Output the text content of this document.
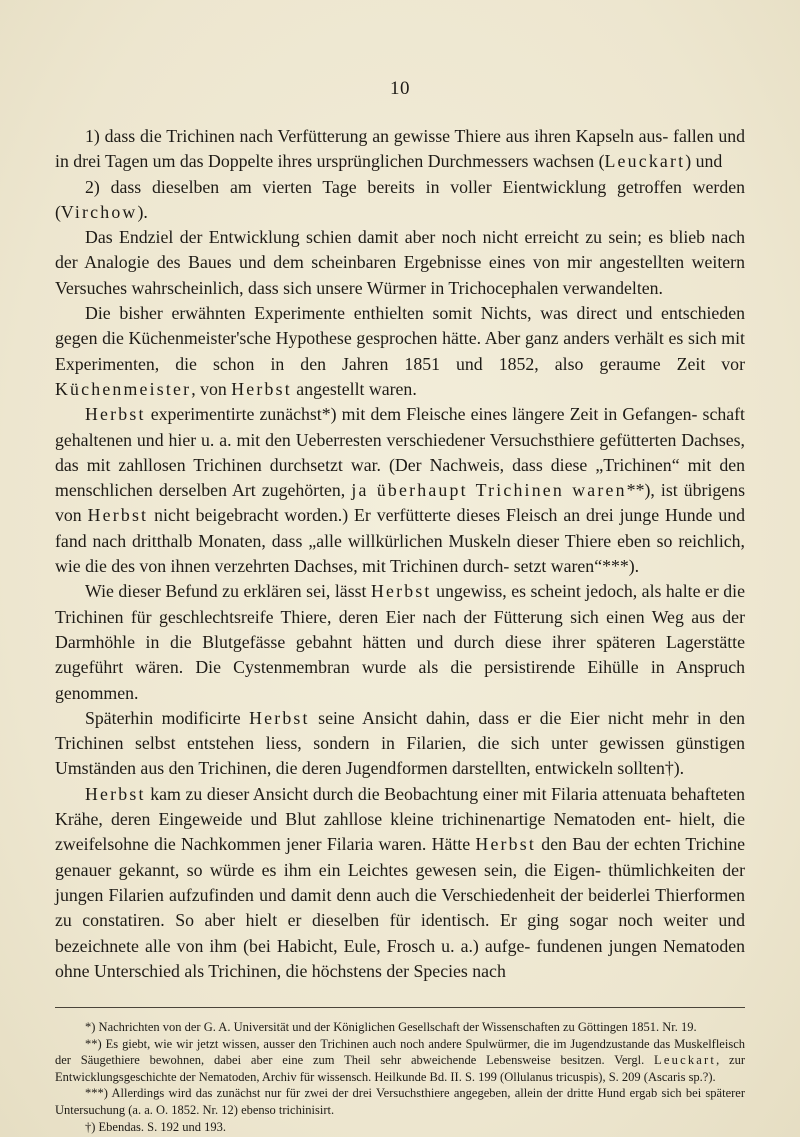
10

1) dass die Trichinen nach Verfütterung an gewisse Thiere aus ihren Kapseln aus- fallen und in drei Tagen um das Doppelte ihres ursprünglichen Durchmessers wachsen (Leuckart) und

2) dass dieselben am vierten Tage bereits in voller Eientwicklung getroffen werden (Virchow).

Das Endziel der Entwicklung schien damit aber noch nicht erreicht zu sein; es blieb nach der Analogie des Baues und dem scheinbaren Ergebnisse eines von mir angestellten weitern Versuches wahrscheinlich, dass sich unsere Würmer in Trichocephalen verwandelten.

Die bisher erwähnten Experimente enthielten somit Nichts, was direct und entschieden gegen die Küchenmeister'sche Hypothese gesprochen hätte. Aber ganz anders verhält es sich mit Experimenten, die schon in den Jahren 1851 und 1852, also geraume Zeit vor Küchenmeister, von Herbst angestellt waren.

Herbst experimentirte zunächst*) mit dem Fleische eines längere Zeit in Gefangen- schaft gehaltenen und hier u. a. mit den Ueberresten verschiedener Versuchsthiere gefütterten Dachses, das mit zahllosen Trichinen durchsetzt war. (Der Nachweis, dass diese „Trichinen“ mit den menschlichen derselben Art zugehörten, ja überhaupt Trichinen waren**), ist übrigens von Herbst nicht beigebracht worden.) Er verfütterte dieses Fleisch an drei junge Hunde und fand nach dritthalb Monaten, dass „alle willkürlichen Muskeln dieser Thiere eben so reichlich, wie die des von ihnen verzehrten Dachses, mit Trichinen durch- setzt waren“***).

Wie dieser Befund zu erklären sei, lässt Herbst ungewiss, es scheint jedoch, als halte er die Trichinen für geschlechtsreife Thiere, deren Eier nach der Fütterung sich einen Weg aus der Darmhöhle in die Blutgefässe gebahnt hätten und durch diese ihrer späteren Lagerstätte zugeführt wären. Die Cystenmembran wurde als die persistirende Eihülle in Anspruch genommen.

Späterhin modificirte Herbst seine Ansicht dahin, dass er die Eier nicht mehr in den Trichinen selbst entstehen liess, sondern in Filarien, die sich unter gewissen günstigen Umständen aus den Trichinen, die deren Jugendformen darstellten, entwickeln sollten†).

Herbst kam zu dieser Ansicht durch die Beobachtung einer mit Filaria attenuata behafteten Krähe, deren Eingeweide und Blut zahllose kleine trichinenartige Nematoden ent- hielt, die zweifelsohne die Nachkommen jener Filaria waren. Hätte Herbst den Bau der echten Trichine genauer gekannt, so würde es ihm ein Leichtes gewesen sein, die Eigen- thümlichkeiten der jungen Filarien aufzufinden und damit denn auch die Verschiedenheit der beiderlei Thierformen zu constatiren. So aber hielt er dieselben für identisch. Er ging sogar noch weiter und bezeichnete alle von ihm (bei Habicht, Eule, Frosch u. a.) aufge- fundenen jungen Nematoden ohne Unterschied als Trichinen, die höchstens der Species nach

*) Nachrichten von der G. A. Universität und der Königlichen Gesellschaft der Wissenschaften zu Göttingen 1851. Nr. 19.

**) Es giebt, wie wir jetzt wissen, ausser den Trichinen auch noch andere Spulwürmer, die im Jugendzustande das Muskelfleisch der Säugethiere bewohnen, dabei aber eine zum Theil sehr abweichende Lebensweise besitzen. Vergl. Leuckart, zur Entwicklungsgeschichte der Nematoden, Archiv für wissensch. Heilkunde Bd. II. S. 199 (Ollulanus tricuspis), S. 209 (Ascaris sp.?).

***) Allerdings wird das zunächst nur für zwei der drei Versuchsthiere angegeben, allein der dritte Hund ergab sich bei späterer Untersuchung (a. a. O. 1852. Nr. 12) ebenso trichinisirt.

†) Ebendas. S. 192 und 193.
